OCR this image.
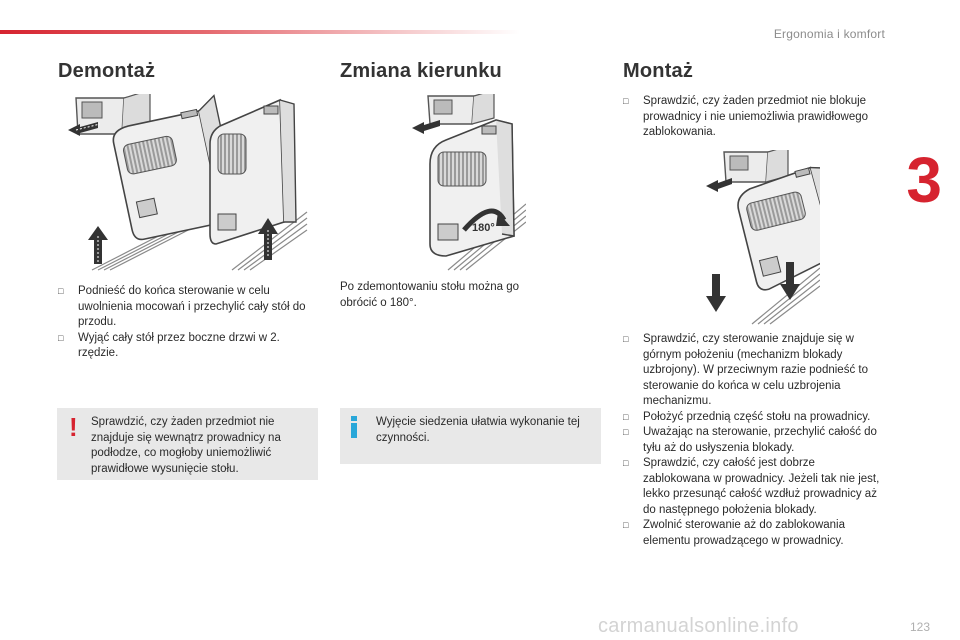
Ergonomia i komfort
3
Demontaż
□ Podnieść do końca sterowanie w celu uwolnienia mocowań i przechylić cały stół do przodu.
□ Wyjąć cały stół przez boczne drzwi w 2. rzędzie.
! Sprawdzić, czy żaden przedmiot nie znajduje się wewnątrz prowadnicy na podłodze, co mogłoby uniemożliwić prawidłowe wysunięcie stołu.
Zmiana kierunku
180°

Po zdemontowaniu stołu można go obrócić o 180°.

Wyjęcie siedzenia ułatwia wykonanie tej czynności.
Montaż
□ Sprawdzić, czy żaden przedmiot nie blokuje prowadnicy i nie uniemożliwia prawidłowego zablokowania.
□ Sprawdzić, czy sterowanie znajduje się w górnym położeniu (mechanizm blokady uzbrojony). W przeciwnym razie podnieść to sterowanie do końca w celu uzbrojenia mechanizmu.
□ Położyć przednią część stołu na prowadnicy.
□ Uważając na sterowanie, przechylić całość do tyłu aż do usłyszenia blokady.
□ Sprawdzić, czy całość jest dobrze zablokowana w prowadnicy. Jeżeli tak nie jest, lekko przesunąć całość wzdłuż prowadnicy aż do następnego położenia blokady.
□ Zwolnić sterowanie aż do zablokowania elementu prowadzącego w prowadnicy.
123
carmanualsonline.info
